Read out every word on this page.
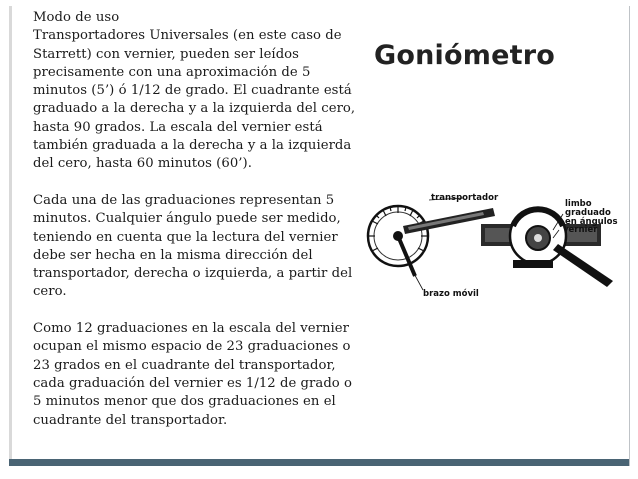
Modo de uso
Transportadores Universales (en este caso de Starrett) con vernier, pueden ser leídos precisamente con una aproximación de 5 minutos (5’) ó 1/12 de grado. El cuadrante está graduado a la derecha y a la izquierda del cero, hasta 90 grados. La escala del vernier está también graduada a la derecha y a la izquierda del cero, hasta 60 minutos (60’).

Cada una de las graduaciones representan 5 minutos. Cualquier ángulo puede ser medido, teniendo en cuenta que la lectura del vernier debe ser hecha en la misma dirección del transportador, derecha o izquierda, a partir del cero.

Como 12 graduaciones en la escala del vernier ocupan el mismo espacio de 23 graduaciones o 23 grados en el cuadrante del transportador, cada graduación del vernier es 1/12 de grado o 5 minutos menor que dos graduaciones en el cuadrante del transportador.

Goniómetro
transportador
limbo graduado
en ángulos
vernier
brazo móvil
